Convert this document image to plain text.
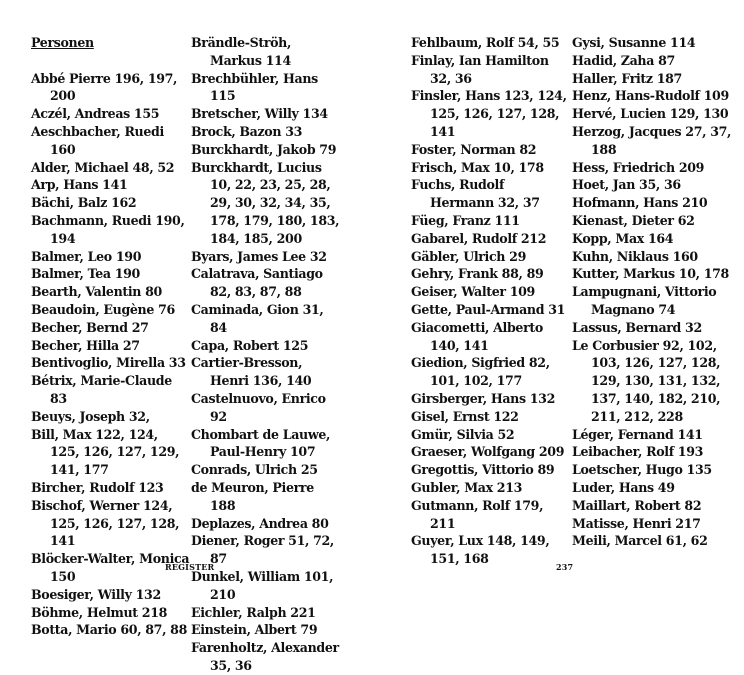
Personen
Abbé Pierre 196, 197, 200
Aczél, Andreas 155
Aeschbacher, Ruedi 160
Alder, Michael 48, 52
Arp, Hans 141
Bächi, Balz 162
Bachmann, Ruedi 190, 194
Balmer, Leo 190
Balmer, Tea 190
Bearth, Valentin 80
Beaudoin, Eugène 76
Becher, Bernd 27
Becher, Hilla 27
Bentivoglio, Mirella 33
Bétrix, Marie-Claude 83
Beuys, Joseph 32,
Bill, Max 122, 124, 125, 126, 127, 129, 141, 177
Bircher, Rudolf 123
Bischof, Werner 124, 125, 126, 127, 128, 141
Blöcker-Walter, Monica 150
Boesiger, Willy 132
Böhme, Helmut 218
Botta, Mario 60, 87, 88
Brändle-Ströh, Markus 114
Brechbühler, Hans 115
Bretscher, Willy 134
Brock, Bazon 33
Burckhardt, Jakob 79
Burckhardt, Lucius 10, 22, 23, 25, 28, 29, 30, 32, 34, 35, 178, 179, 180, 183, 184, 185, 200
Byars, James Lee 32
Calatrava, Santiago 82, 83, 87, 88
Caminada, Gion 31, 84
Capa, Robert 125
Cartier-Bresson, Henri 136, 140
Castelnuovo, Enrico 92
Chombart de Lauwe, Paul-Henry 107
Conrads, Ulrich 25
de Meuron, Pierre 188
Deplazes, Andrea 80
Diener, Roger 51, 72, 87
Dunkel, William 101, 210
Eichler, Ralph 221
Einstein, Albert 79
Farenholtz, Alexander 35, 36
Fehlbaum, Rolf 54, 55
Finlay, Ian Hamilton 32, 36
Finsler, Hans 123, 124, 125, 126, 127, 128, 141
Foster, Norman 82
Frisch, Max 10, 178
Fuchs, Rudolf Hermann 32, 37
Füeg, Franz 111
Gabarel, Rudolf 212
Gäbler, Ulrich 29
Gehry, Frank 88, 89
Geiser, Walter 109
Gette, Paul-Armand 31
Giacometti, Alberto 140, 141
Giedion, Sigfried 82, 101, 102, 177
Girsberger, Hans 132
Gisel, Ernst 122
Gmür, Silvia 52
Graeser, Wolfgang 209
Gregottis, Vittorio 89
Gubler, Max 213
Gutmann, Rolf 179, 211
Guyer, Lux 148, 149, 151, 168
Gysi, Susanne 114
Hadid, Zaha 87
Haller, Fritz 187
Henz, Hans-Rudolf 109
Hervé, Lucien 129, 130
Herzog, Jacques 27, 37, 188
Hess, Friedrich 209
Hoet, Jan 35, 36
Hofmann, Hans 210
Kienast, Dieter 62
Kopp, Max 164
Kuhn, Niklaus 160
Kutter, Markus 10, 178
Lampugnani, Vittorio Magnano 74
Lassus, Bernard 32
Le Corbusier 92, 102, 103, 126, 127, 128, 129, 130, 131, 132, 137, 140, 182, 210, 211, 212, 228
Léger, Fernand 141
Leibacher, Rolf 193
Loetscher, Hugo 135
Luder, Hans 49
Maillart, Robert 82
Matisse, Henri 217
Meili, Marcel 61, 62
REGISTER	237
